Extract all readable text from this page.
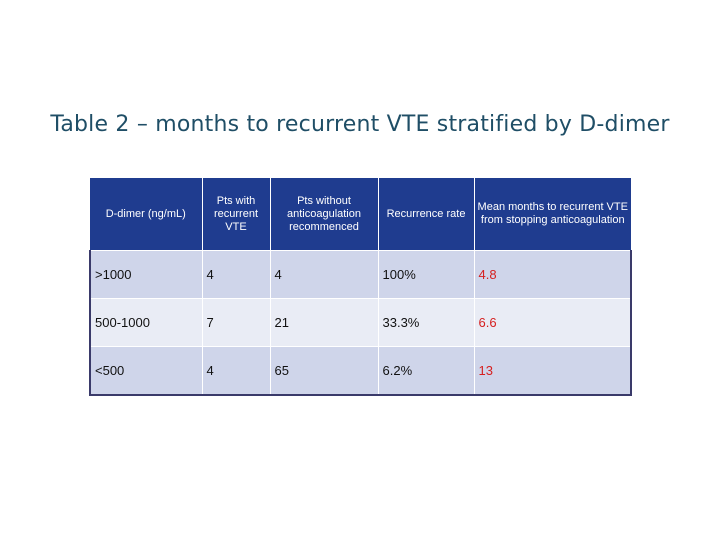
Table 2 – months to recurrent VTE stratified by D-dimer
D-dimer (ng/mL)	Pts with recurrent VTE	Pts without anticoagulation recommenced	Recurrence rate	Mean months to recurrent VTE from stopping anticoagulation
>1000	4	4	100%	4.8
500-1000	7	21	33.3%	6.6
<500	4	65	6.2%	13
